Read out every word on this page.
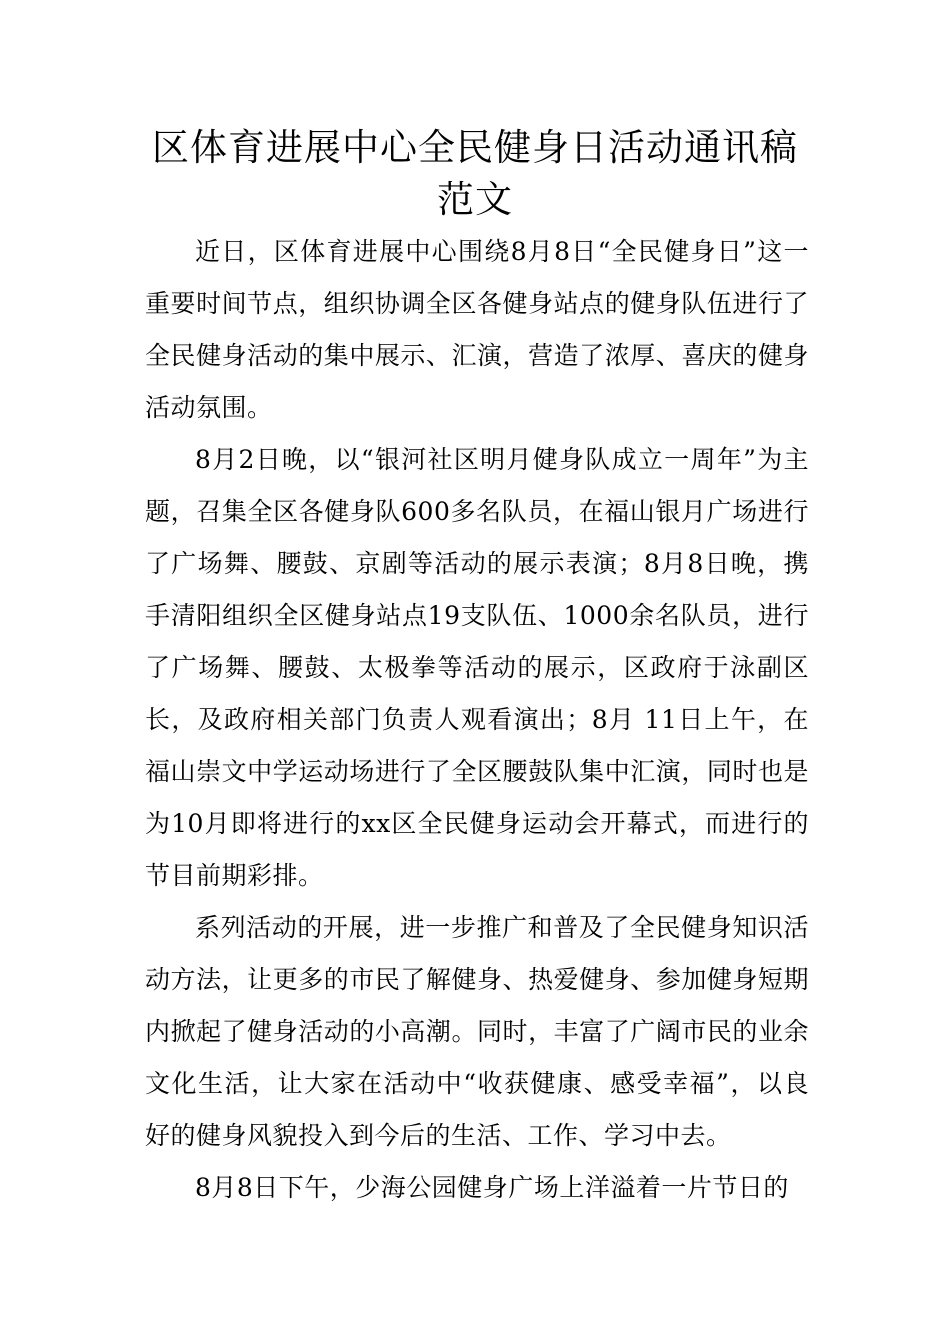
区体育进展中心全民健身日活动通讯稿范文

近日，区体育进展中心围绕8月8日“全民健身日”这一重要时间节点，组织协调全区各健身站点的健身队伍进行了全民健身活动的集中展示、汇演，营造了浓厚、喜庆的健身活动氛围。

8月2日晚，以“银河社区明月健身队成立一周年”为主题，召集全区各健身队600多名队员，在福山银月广场进行了广场舞、腰鼓、京剧等活动的展示表演；8月8日晚，携手清阳组织全区健身站点19支队伍、1000余名队员，进行了广场舞、腰鼓、太极拳等活动的展示，区政府于泳副区长，及政府相关部门负责人观看演出；8月 11日上午，在福山崇文中学运动场进行了全区腰鼓队集中汇演，同时也是为10月即将进行的xx区全民健身运动会开幕式，而进行的节目前期彩排。

系列活动的开展，进一步推广和普及了全民健身知识活动方法，让更多的市民了解健身、热爱健身、参加健身短期内掀起了健身活动的小高潮。同时，丰富了广阔市民的业余文化生活，让大家在活动中“收获健康、感受幸福”，以良好的健身风貌投入到今后的生活、工作、学习中去。

8月8日下午，少海公园健身广场上洋溢着一片节日的
